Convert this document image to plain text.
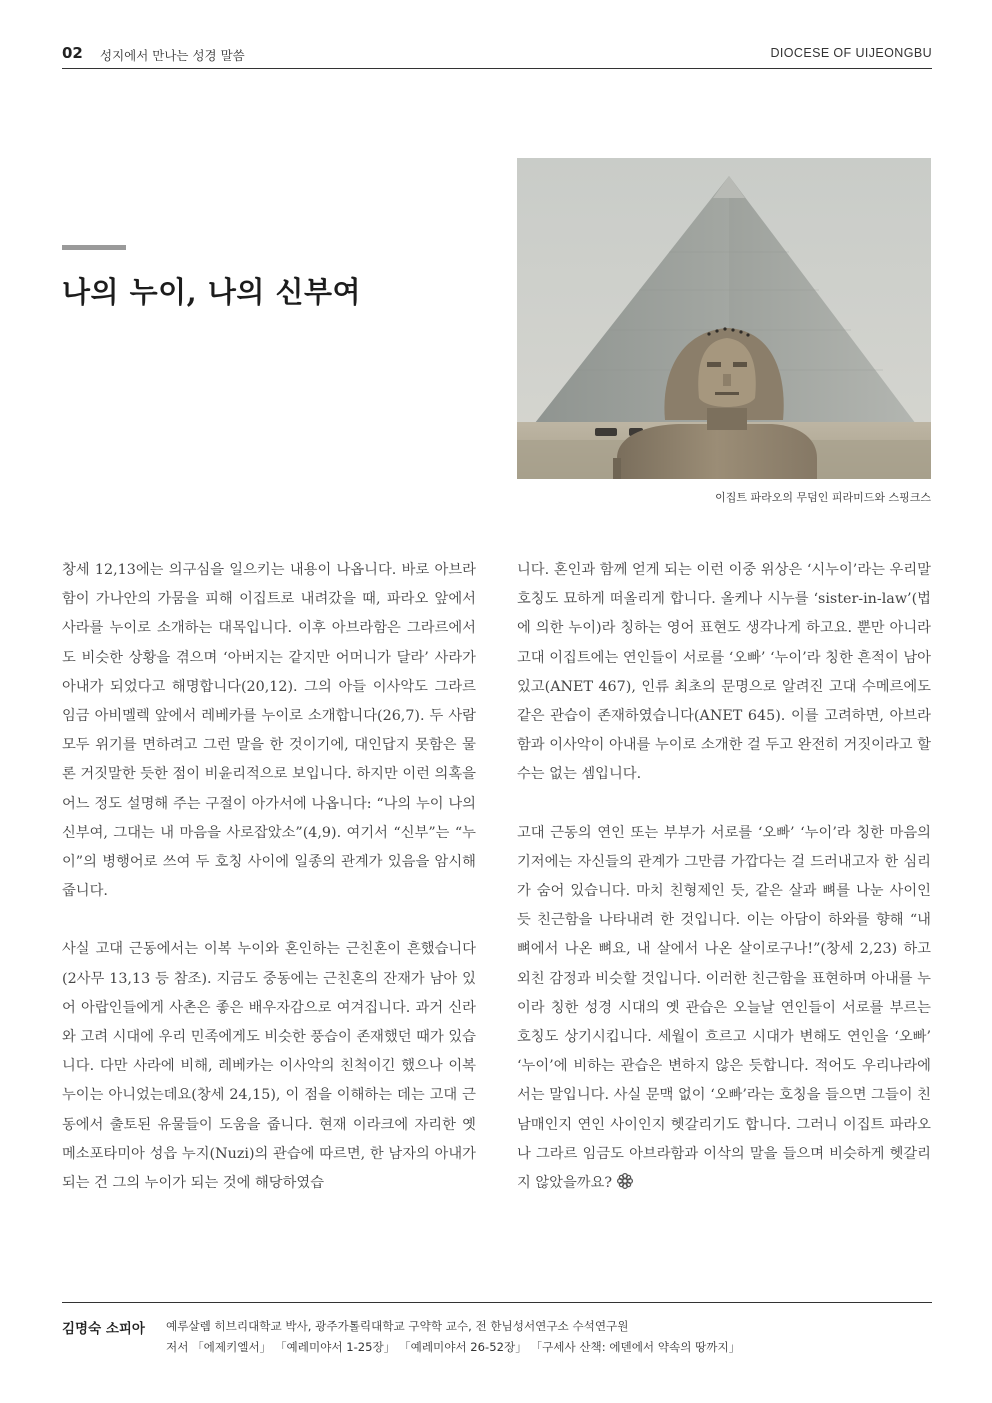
02 성지에서 만나는 성경 말씀	DIOCESE OF UIJEONGBU
나의 누이, 나의 신부여
이집트 파라오의 무덤인 피라미드와 스핑크스

창세 12,13에는 의구심을 일으키는 내용이 나옵니다. 바로 아브라함이 가나안의 가뭄을 피해 이집트로 내려갔을 때, 파라오 앞에서 사라를 누이로 소개하는 대목입니다. 이후 아브라함은 그라르에서도 비슷한 상황을 겪으며 ‘아버지는 같지만 어머니가 달라’ 사라가 아내가 되었다고 해명합니다(20,12). 그의 아들 이사악도 그라르 임금 아비멜렉 앞에서 레베카를 누이로 소개합니다(26,7). 두 사람 모두 위기를 면하려고 그런 말을 한 것이기에, 대인답지 못함은 물론 거짓말한 듯한 점이 비윤리적으로 보입니다. 하지만 이런 의혹을 어느 정도 설명해 주는 구절이 아가서에 나옵니다: “나의 누이 나의 신부여, 그대는 내 마음을 사로잡았소”(4,9). 여기서 “신부”는 “누이”의 병행어로 쓰여 두 호칭 사이에 일종의 관계가 있음을 암시해 줍니다.

사실 고대 근동에서는 이복 누이와 혼인하는 근친혼이 흔했습니다(2사무 13,13 등 참조). 지금도 중동에는 근친혼의 잔재가 남아 있어 아랍인들에게 사촌은 좋은 배우자감으로 여겨집니다. 과거 신라와 고려 시대에 우리 민족에게도 비슷한 풍습이 존재했던 때가 있습니다. 다만 사라에 비해, 레베카는 이사악의 친척이긴 했으나 이복누이는 아니었는데요(창세 24,15), 이 점을 이해하는 데는 고대 근동에서 출토된 유물들이 도움을 줍니다. 현재 이라크에 자리한 옛 메소포타미아 성읍 누지(Nuzi)의 관습에 따르면, 한 남자의 아내가 되는 건 그의 누이가 되는 것에 해당하였습

니다. 혼인과 함께 얻게 되는 이런 이중 위상은 ‘시누이’라는 우리말 호칭도 묘하게 떠올리게 합니다. 올케나 시누를 ‘sister-in-law’(법에 의한 누이)라 칭하는 영어 표현도 생각나게 하고요. 뿐만 아니라 고대 이집트에는 연인들이 서로를 ‘오빠’ ‘누이’라 칭한 흔적이 남아 있고(ANET 467), 인류 최초의 문명으로 알려진 고대 수메르에도 같은 관습이 존재하였습니다(ANET 645). 이를 고려하면, 아브라함과 이사악이 아내를 누이로 소개한 걸 두고 완전히 거짓이라고 할 수는 없는 셈입니다.

고대 근동의 연인 또는 부부가 서로를 ‘오빠’ ‘누이’라 칭한 마음의 기저에는 자신들의 관계가 그만큼 가깝다는 걸 드러내고자 한 심리가 숨어 있습니다. 마치 친형제인 듯, 같은 살과 뼈를 나눈 사이인 듯 친근함을 나타내려 한 것입니다. 이는 아담이 하와를 향해 “내 뼈에서 나온 뼈요, 내 살에서 나온 살이로구나!”(창세 2,23) 하고 외친 감정과 비슷할 것입니다. 이러한 친근함을 표현하며 아내를 누이라 칭한 성경 시대의 옛 관습은 오늘날 연인들이 서로를 부르는 호칭도 상기시킵니다. 세월이 흐르고 시대가 변해도 연인을 ‘오빠’ ‘누이’에 비하는 관습은 변하지 않은 듯합니다. 적어도 우리나라에서는 말입니다. 사실 문맥 없이 ‘오빠’라는 호칭을 들으면 그들이 친남매인지 연인 사이인지 헷갈리기도 합니다. 그러니 이집트 파라오나 그라르 임금도 아브라함과 이삭의 말을 들으며 비슷하게 헷갈리지 않았을까요?

김명숙 소피아 예루살렘 히브리대학교 박사, 광주가톨릭대학교 구약학 교수, 전 한님성서연구소 수석연구원
저서 「에제키엘서」 「예레미야서 1-25장」 「예레미야서 26-52장」 「구세사 산책: 에덴에서 약속의 땅까지」
